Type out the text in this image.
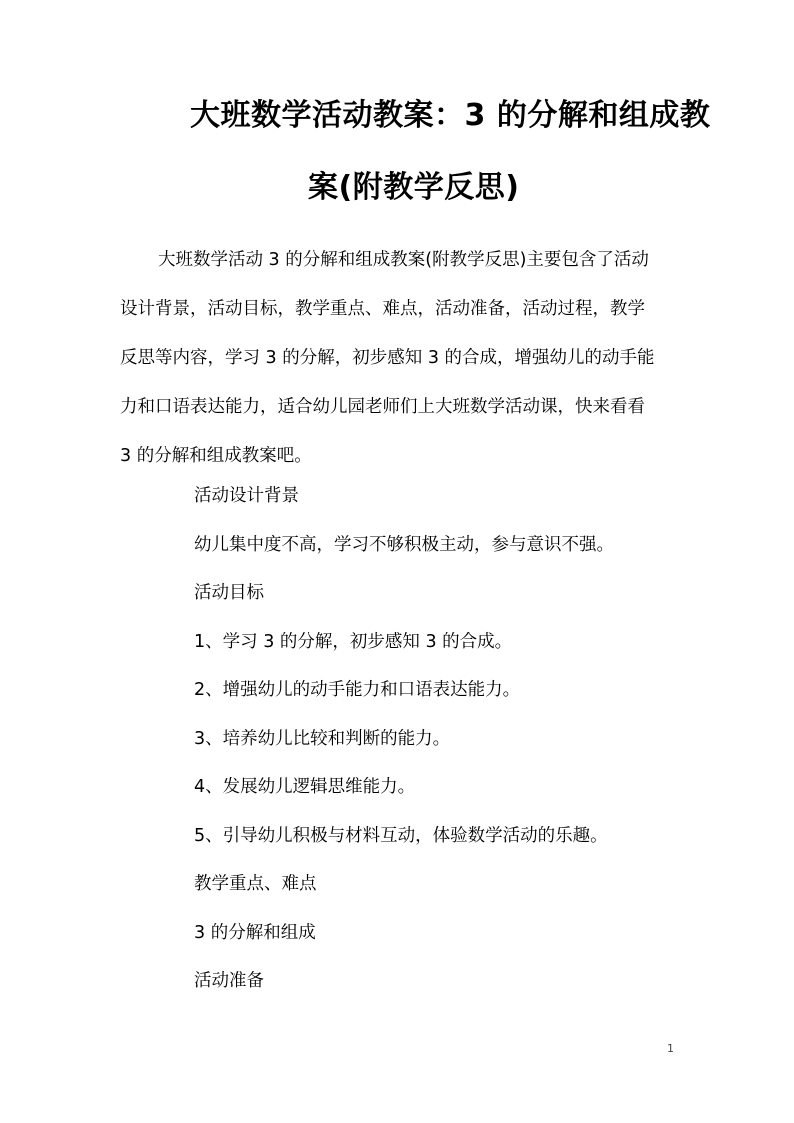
大班数学活动教案：3 的分解和组成教
案(附教学反思)
大班数学活动 3 的分解和组成教案(附教学反思)主要包含了活动
设计背景，活动目标，教学重点、难点，活动准备，活动过程，教学
反思等内容，学习 3 的分解，初步感知 3 的合成，增强幼儿的动手能
力和口语表达能力，适合幼儿园老师们上大班数学活动课，快来看看
3 的分解和组成教案吧。
活动设计背景
幼儿集中度不高，学习不够积极主动，参与意识不强。
活动目标
1、学习 3 的分解，初步感知 3 的合成。
2、增强幼儿的动手能力和口语表达能力。
3、培养幼儿比较和判断的能力。
4、发展幼儿逻辑思维能力。
5、引导幼儿积极与材料互动，体验数学活动的乐趣。
教学重点、难点
3 的分解和组成
活动准备
1
